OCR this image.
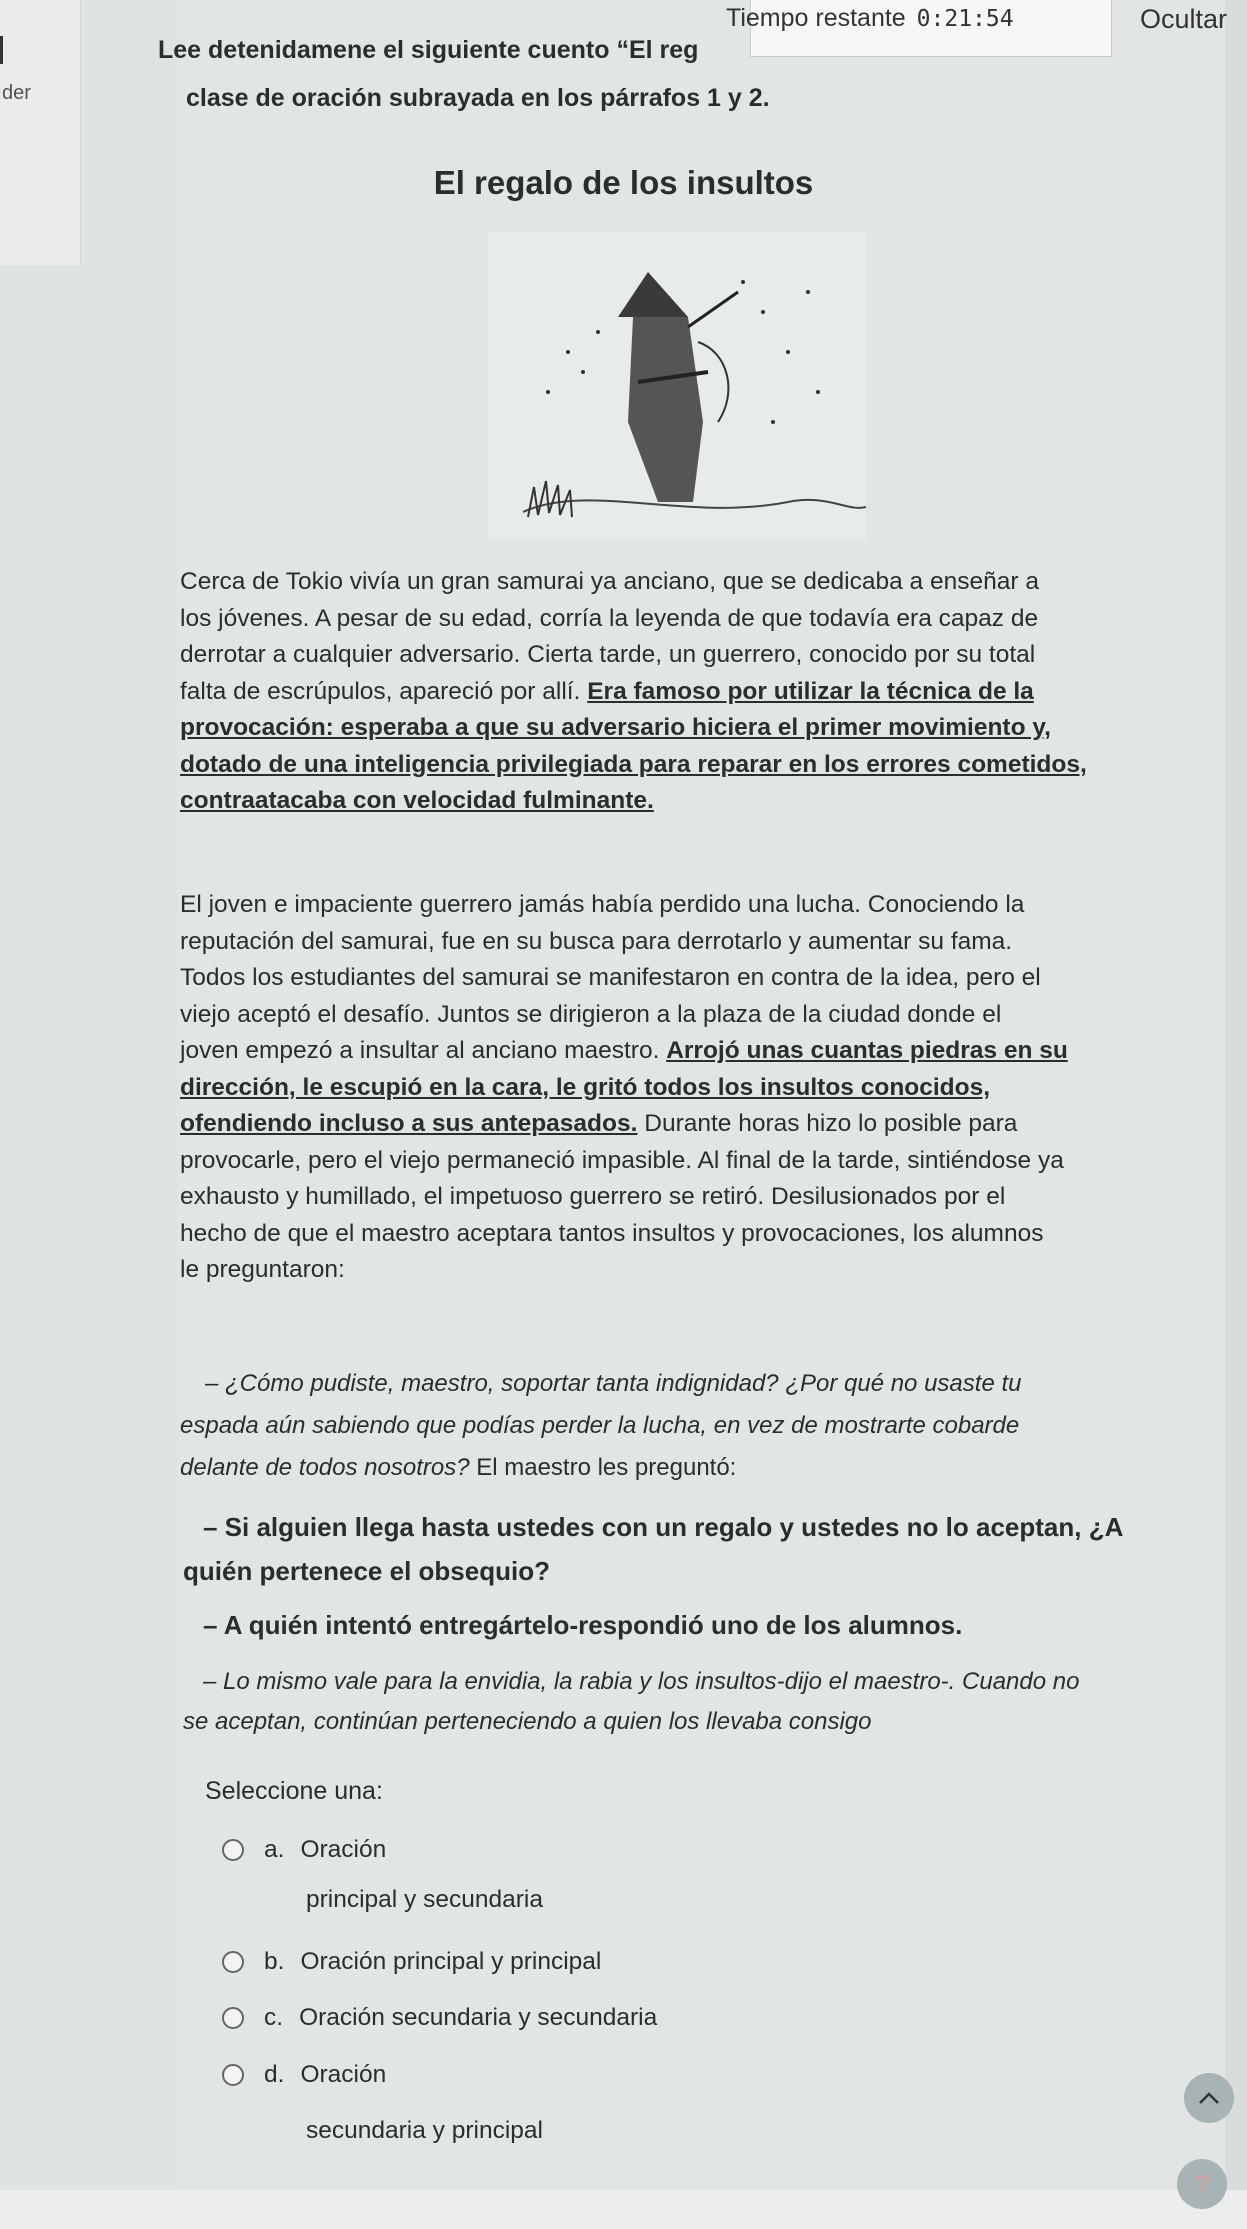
der
Tiempo restante 0:21:54	Ocultar
Lee detenidamene el siguiente cuento “El reg
clase de oración subrayada en los párrafos 1 y 2.
El regalo de los insultos
Cerca de Tokio vivía un gran samurai ya anciano, que se dedicaba a enseñar a
los jóvenes. A pesar de su edad, corría la leyenda de que todavía era capaz de
derrotar a cualquier adversario. Cierta tarde, un guerrero, conocido por su total
falta de escrúpulos, apareció por allí. Era famoso por utilizar la técnica de la
provocación: esperaba a que su adversario hiciera el primer movimiento y,
dotado de una inteligencia privilegiada para reparar en los errores cometidos,
contraatacaba con velocidad fulminante.
El joven e impaciente guerrero jamás había perdido una lucha. Conociendo la
reputación del samurai, fue en su busca para derrotarlo y aumentar su fama.
Todos los estudiantes del samurai se manifestaron en contra de la idea, pero el
viejo aceptó el desafío. Juntos se dirigieron a la plaza de la ciudad donde el
joven empezó a insultar al anciano maestro. Arrojó unas cuantas piedras en su
dirección, le escupió en la cara, le gritó todos los insultos conocidos,
ofendiendo incluso a sus antepasados. Durante horas hizo lo posible para
provocarle, pero el viejo permaneció impasible. Al final de la tarde, sintiéndose ya
exhausto y humillado, el impetuoso guerrero se retiró. Desilusionados por el
hecho de que el maestro aceptara tantos insultos y provocaciones, los alumnos
le preguntaron:
– ¿Cómo pudiste, maestro, soportar tanta indignidad? ¿Por qué no usaste tu
espada aún sabiendo que podías perder la lucha, en vez de mostrarte cobarde
delante de todos nosotros? El maestro les preguntó:
– Si alguien llega hasta ustedes con un regalo y ustedes no lo aceptan, ¿A
quién pertenece el obsequio?
– A quién intentó entregártelo-respondió uno de los alumnos.
– Lo mismo vale para la envidia, la rabia y los insultos-dijo el maestro-. Cuando no
se aceptan, continúan perteneciendo a quien los llevaba consigo
Seleccione una:
a. Oración
principal y secundaria
b. Oración principal y principal
c. Oración secundaria y secundaria
d. Oración
secundaria y principal
?
